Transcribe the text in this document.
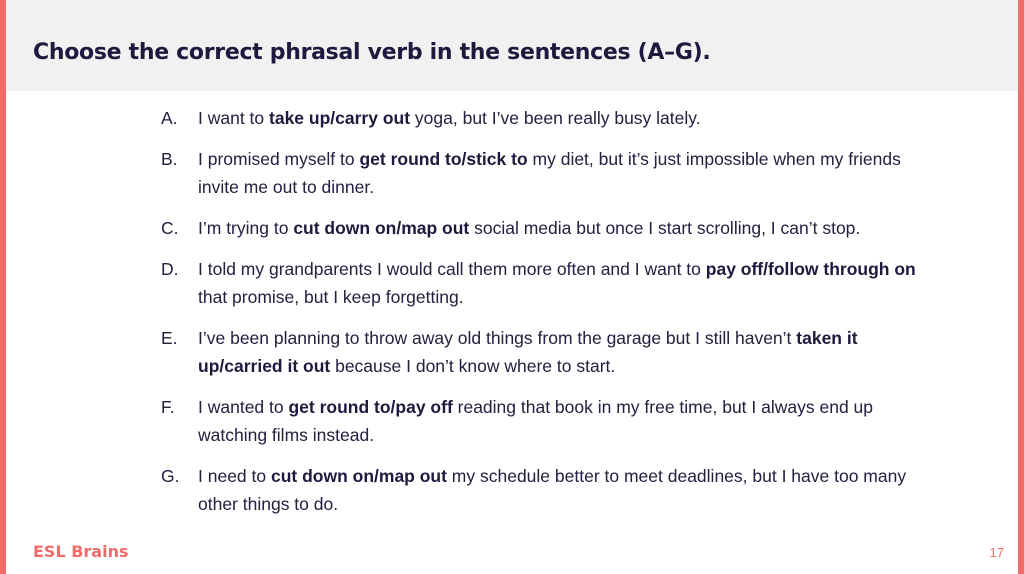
Choose the correct phrasal verb in the sentences (A–G).
A.	I want to take up/carry out yoga, but I’ve been really busy lately.
B.	I promised myself to get round to/stick to my diet, but it’s just impossible when my friends invite me out to dinner.
C.	I’m trying to cut down on/map out social media but once I start scrolling, I can’t stop.
D.	I told my grandparents I would call them more often and I want to pay off/follow through on that promise, but I keep forgetting.
E.	I’ve been planning to throw away old things from the garage but I still haven’t taken it up/carried it out because I don’t know where to start.
F.	I wanted to get round to/pay off reading that book in my free time, but I always end up watching films instead.
G.	I need to cut down on/map out my schedule better to meet deadlines, but I have too many other things to do.
ESL Brains	17
